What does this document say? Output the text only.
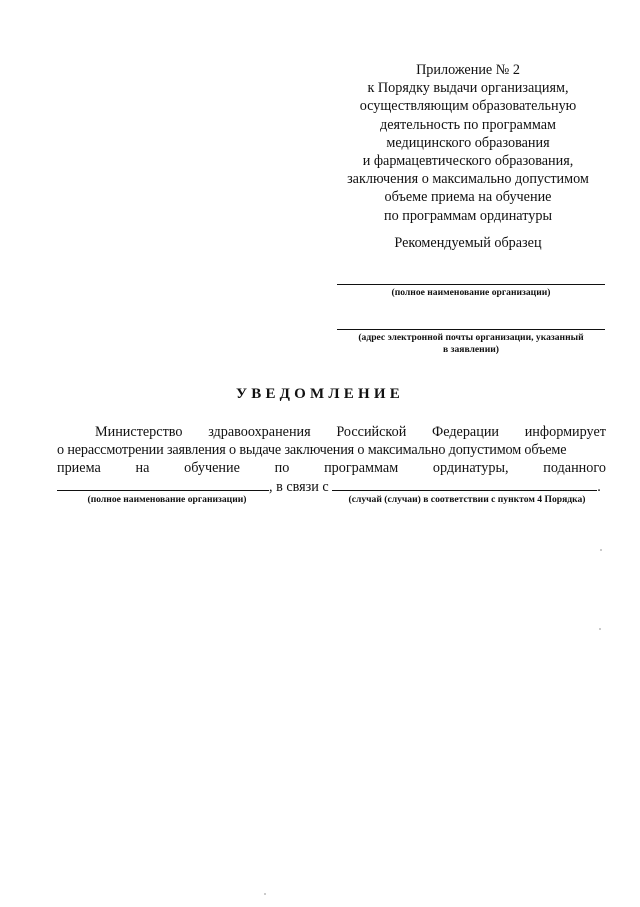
Приложение № 2
к Порядку выдачи организациям,
осуществляющим образовательную
деятельность по программам
медицинского образования
и фармацевтического образования,
заключения о максимально допустимом
объеме приема на обучение
по программам ординатуры
Рекомендуемый образец
(полное наименование организации)
(адрес электронной почты организации, указанный
в заявлении)
УВЕДОМЛЕНИЕ
Министерство здравоохранения Российской Федерации информирует
о нерассмотрении заявления о выдаче заключения о максимально допустимом объеме
приема на обучение по программам ординатуры, поданного
, в связи с	.
(полное наименование организации)	(случай (случаи) в соответствии с пунктом 4 Порядка)
